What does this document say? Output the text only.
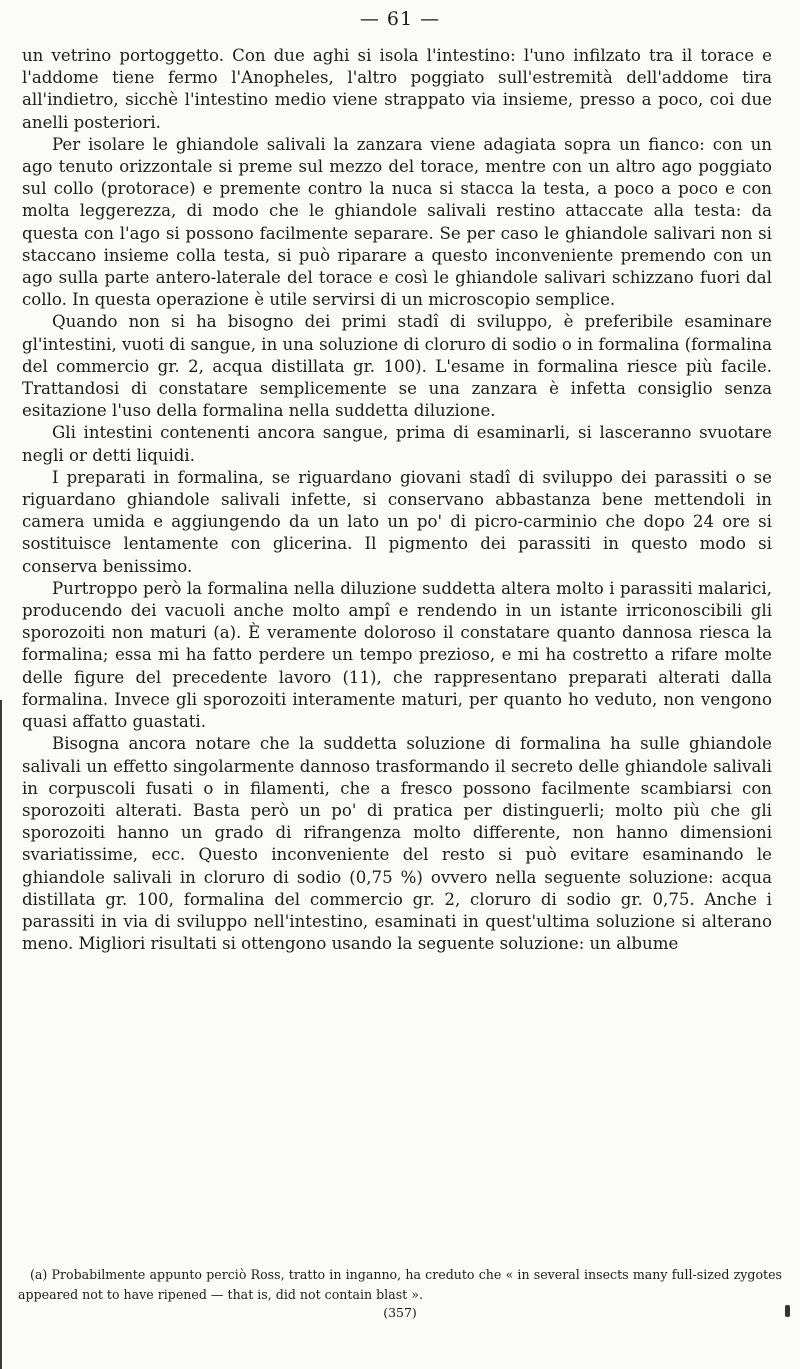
— 61 —

un vetrino portoggetto. Con due aghi si isola l'intestino: l'uno infilzato tra il torace e l'addome tiene fermo l'Anopheles, l'altro poggiato sull'estremità dell'addome tira all'indietro, sicchè l'intestino medio viene strappato via insieme, presso a poco, coi due anelli posteriori.

Per isolare le ghiandole salivali la zanzara viene adagiata sopra un fianco: con un ago tenuto orizzontale si preme sul mezzo del torace, mentre con un altro ago poggiato sul collo (protorace) e premente contro la nuca si stacca la testa, a poco a poco e con molta leggerezza, di modo che le ghiandole salivali restino attaccate alla testa: da questa con l'ago si possono facilmente separare. Se per caso le ghiandole salivari non si staccano insieme colla testa, si può riparare a questo inconveniente premendo con un ago sulla parte antero-laterale del torace e così le ghiandole salivari schizzano fuori dal collo. In questa operazione è utile servirsi di un microscopio semplice.

Quando non si ha bisogno dei primi stadî di sviluppo, è preferibile esaminare gl'intestini, vuoti di sangue, in una soluzione di cloruro di sodio o in formalina (formalina del commercio gr. 2, acqua distillata gr. 100). L'esame in formalina riesce più facile. Trattandosi di constatare semplicemente se una zanzara è infetta consiglio senza esitazione l'uso della formalina nella suddetta diluzione.

Gli intestini contenenti ancora sangue, prima di esaminarli, si lasceranno svuotare negli or detti liquidi.

I preparati in formalina, se riguardano giovani stadî di sviluppo dei parassiti o se riguardano ghiandole salivali infette, si conservano abbastanza bene mettendoli in camera umida e aggiungendo da un lato un po' di picro-carminio che dopo 24 ore si sostituisce lentamente con glicerina. Il pigmento dei parassiti in questo modo si conserva benissimo.

Purtroppo però la formalina nella diluzione suddetta altera molto i parassiti malarici, producendo dei vacuoli anche molto ampî e rendendo in un istante irriconoscibili gli sporozoiti non maturi (a). È veramente doloroso il constatare quanto dannosa riesca la formalina; essa mi ha fatto perdere un tempo prezioso, e mi ha costretto a rifare molte delle figure del precedente lavoro (11), che rappresentano preparati alterati dalla formalina. Invece gli sporozoiti interamente maturi, per quanto ho veduto, non vengono quasi affatto guastati.

Bisogna ancora notare che la suddetta soluzione di formalina ha sulle ghiandole salivali un effetto singolarmente dannoso trasformando il secreto delle ghiandole salivali in corpuscoli fusati o in filamenti, che a fresco possono facilmente scambiarsi con sporozoiti alterati. Basta però un po' di pratica per distinguerli; molto più che gli sporozoiti hanno un grado di rifrangenza molto differente, non hanno dimensioni svariatissime, ecc. Questo inconveniente del resto si può evitare esaminando le ghiandole salivali in cloruro di sodio (0,75 %) ovvero nella seguente soluzione: acqua distillata gr. 100, formalina del commercio gr. 2, cloruro di sodio gr. 0,75. Anche i parassiti in via di sviluppo nell'intestino, esaminati in quest'ultima soluzione si alterano meno. Migliori risultati si ottengono usando la seguente soluzione: un albume

(a) Probabilmente appunto perciò Ross, tratto in inganno, ha creduto che « in several insects many full-sized zygotes appeared not to have ripened — that is, did not contain blast ».

(357)
